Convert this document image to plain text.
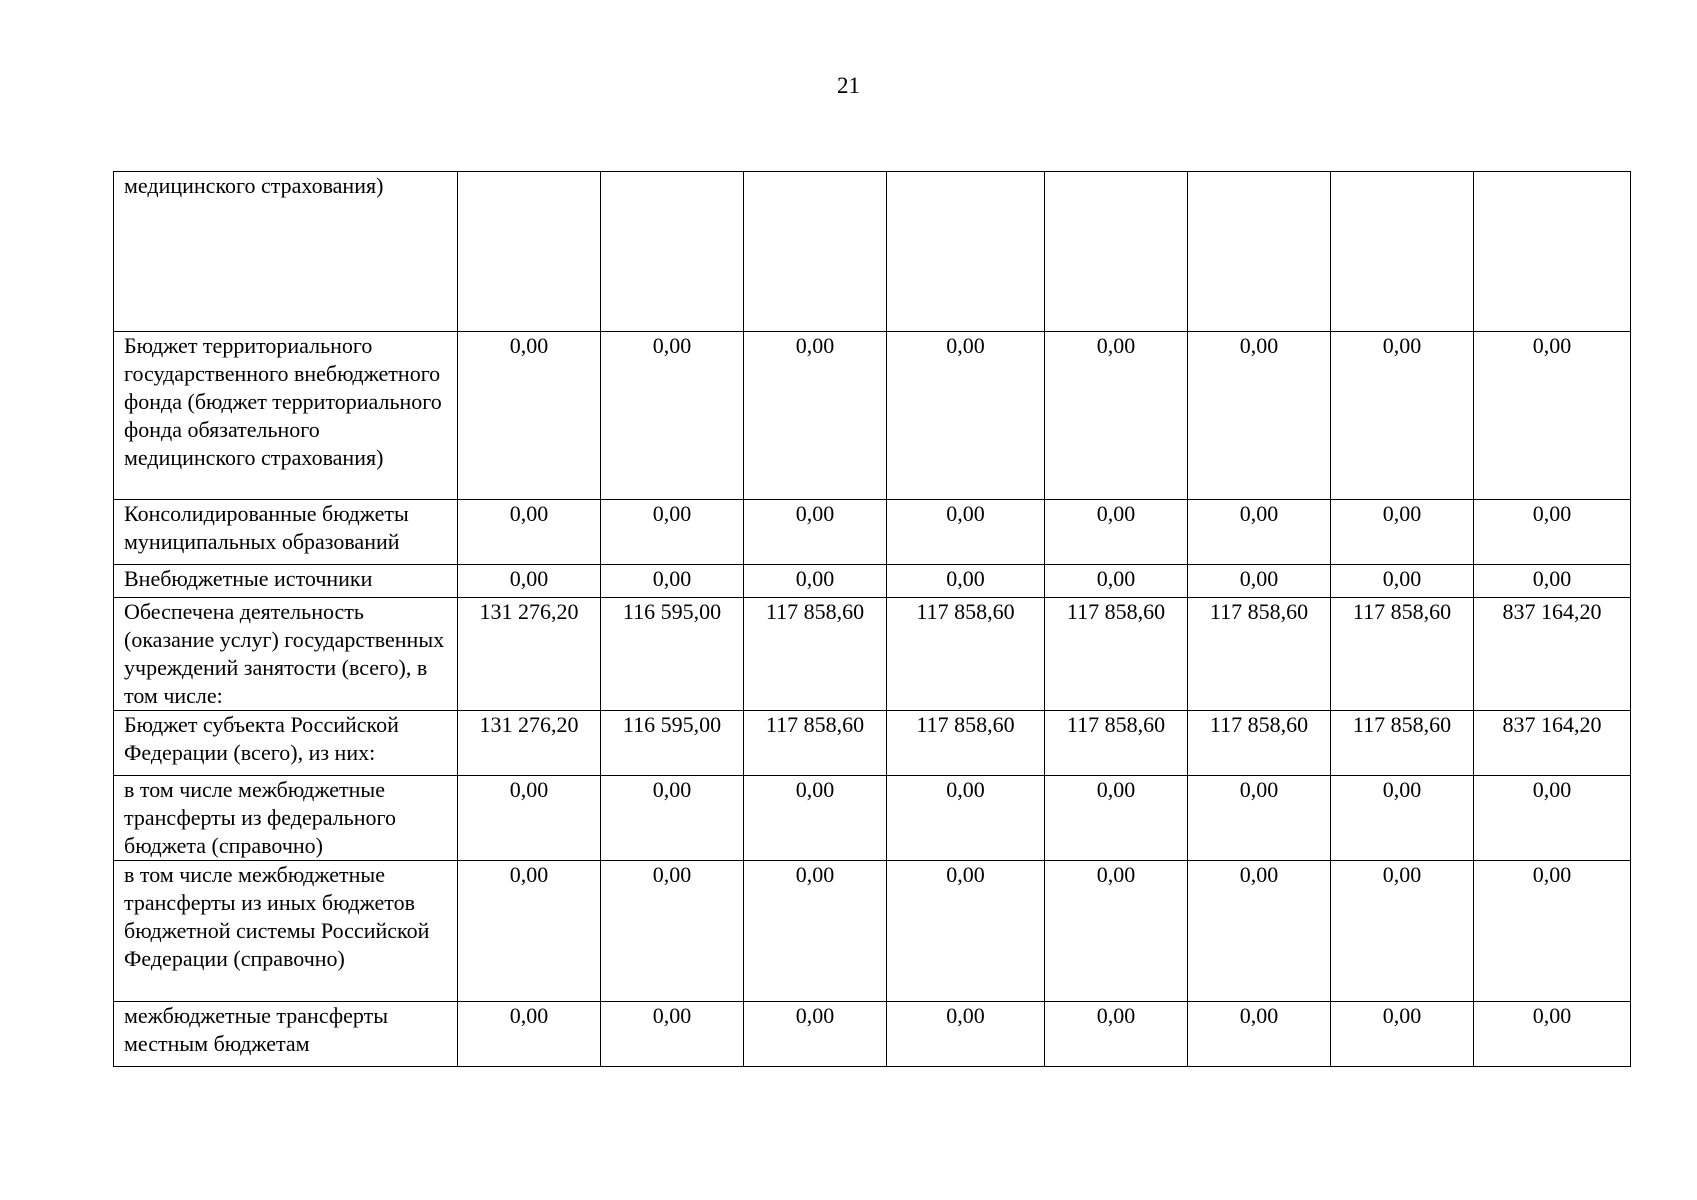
21
медицинского страхования)								
Бюджет территориального государственного внебюджетного фонда (бюджет территориального фонда обязательного медицинского страхования)	0,00	0,00	0,00	0,00	0,00	0,00	0,00	0,00
Консолидированные бюджеты муниципальных образований	0,00	0,00	0,00	0,00	0,00	0,00	0,00	0,00
Внебюджетные источники	0,00	0,00	0,00	0,00	0,00	0,00	0,00	0,00
Обеспечена деятельность (оказание услуг) государственных учреждений занятости (всего), в том числе:	131 276,20	116 595,00	117 858,60	117 858,60	117 858,60	117 858,60	117 858,60	837 164,20
Бюджет субъекта Российской Федерации (всего), из них:	131 276,20	116 595,00	117 858,60	117 858,60	117 858,60	117 858,60	117 858,60	837 164,20
в том числе межбюджетные трансферты из федерального бюджета (справочно)	0,00	0,00	0,00	0,00	0,00	0,00	0,00	0,00
в том числе межбюджетные трансферты из иных бюджетов бюджетной системы Российской Федерации (справочно)	0,00	0,00	0,00	0,00	0,00	0,00	0,00	0,00
межбюджетные трансферты местным бюджетам	0,00	0,00	0,00	0,00	0,00	0,00	0,00	0,00
